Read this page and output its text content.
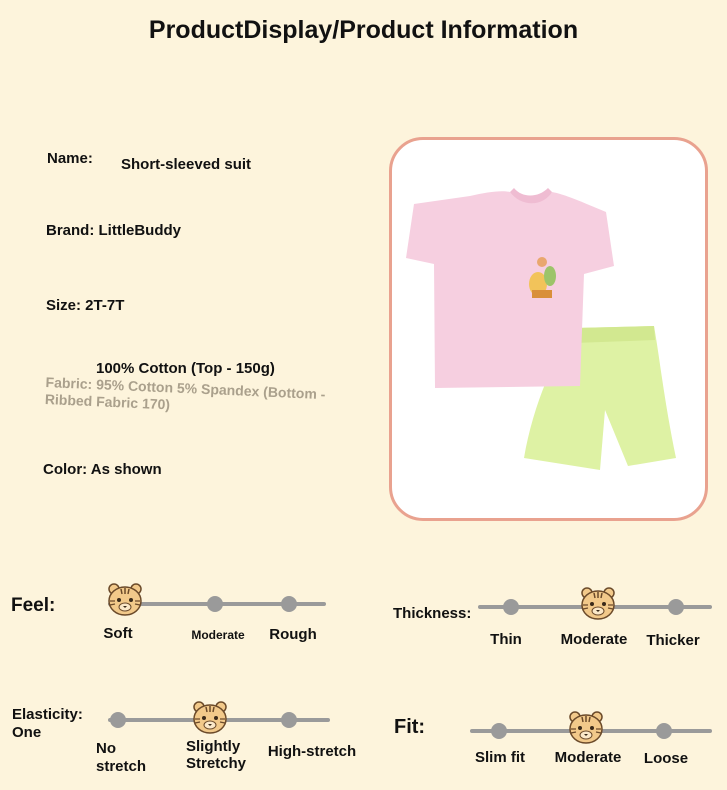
ProductDisplay/Product Information
Name: Short-sleeved suit
Brand: LittleBuddy
Size: 2T-7T
100% Cotton (Top - 150g)
Fabric: 95% Cotton 5% Spandex (Bottom - Ribbed Fabric 170)
Color: As shown
Feel:
Soft	Moderate	Rough
Thickness:
Thin	Moderate	Thicker
Elasticity:
One
No stretch
Slightly Stretchy
High-stretch
Fit:
Slim fit	Moderate	Loose
